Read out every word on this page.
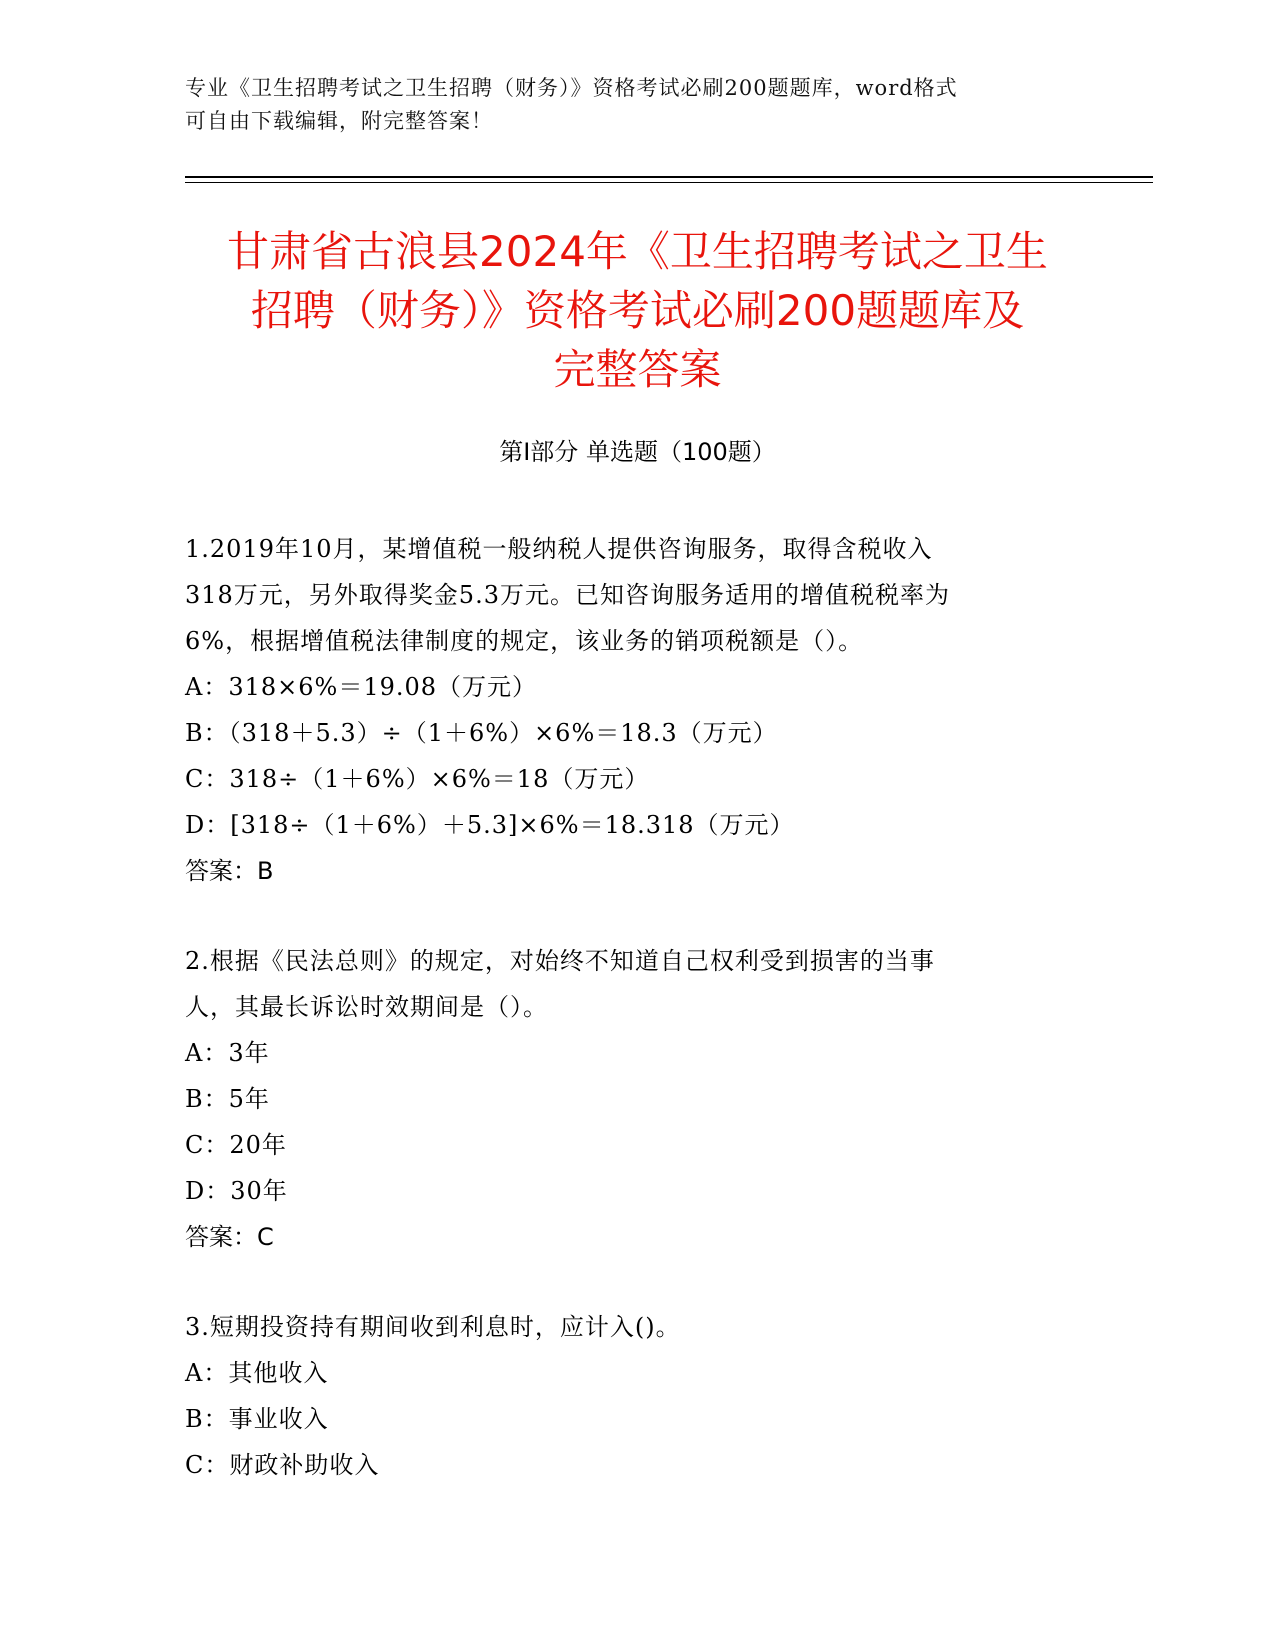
专业《卫生招聘考试之卫生招聘（财务）》资格考试必刷200题题库，word格式
可自由下载编辑，附完整答案！
甘肃省古浪县2024年《卫生招聘考试之卫生
招聘（财务）》资格考试必刷200题题库及
完整答案
第Ⅰ部分 单选题（100题）

1.2019年10月，某增值税一般纳税人提供咨询服务，取得含税收入

318万元，另外取得奖金5.3万元。已知咨询服务适用的增值税税率为

6%，根据增值税法律制度的规定，该业务的销项税额是（）。

A：318×6%＝19.08（万元）

B：（318＋5.3）÷（1＋6%）×6%＝18.3（万元）

C：318÷（1＋6%）×6%＝18（万元）

D：[318÷（1＋6%）＋5.3]×6%＝18.318（万元）

答案：B

2.根据《民法总则》的规定，对始终不知道自己权利受到损害的当事

人，其最长诉讼时效期间是（）。

A：3年

B：5年

C：20年

D：30年

答案：C

3.短期投资持有期间收到利息时，应计入()。

A：其他收入

B：事业收入

C：财政补助收入
